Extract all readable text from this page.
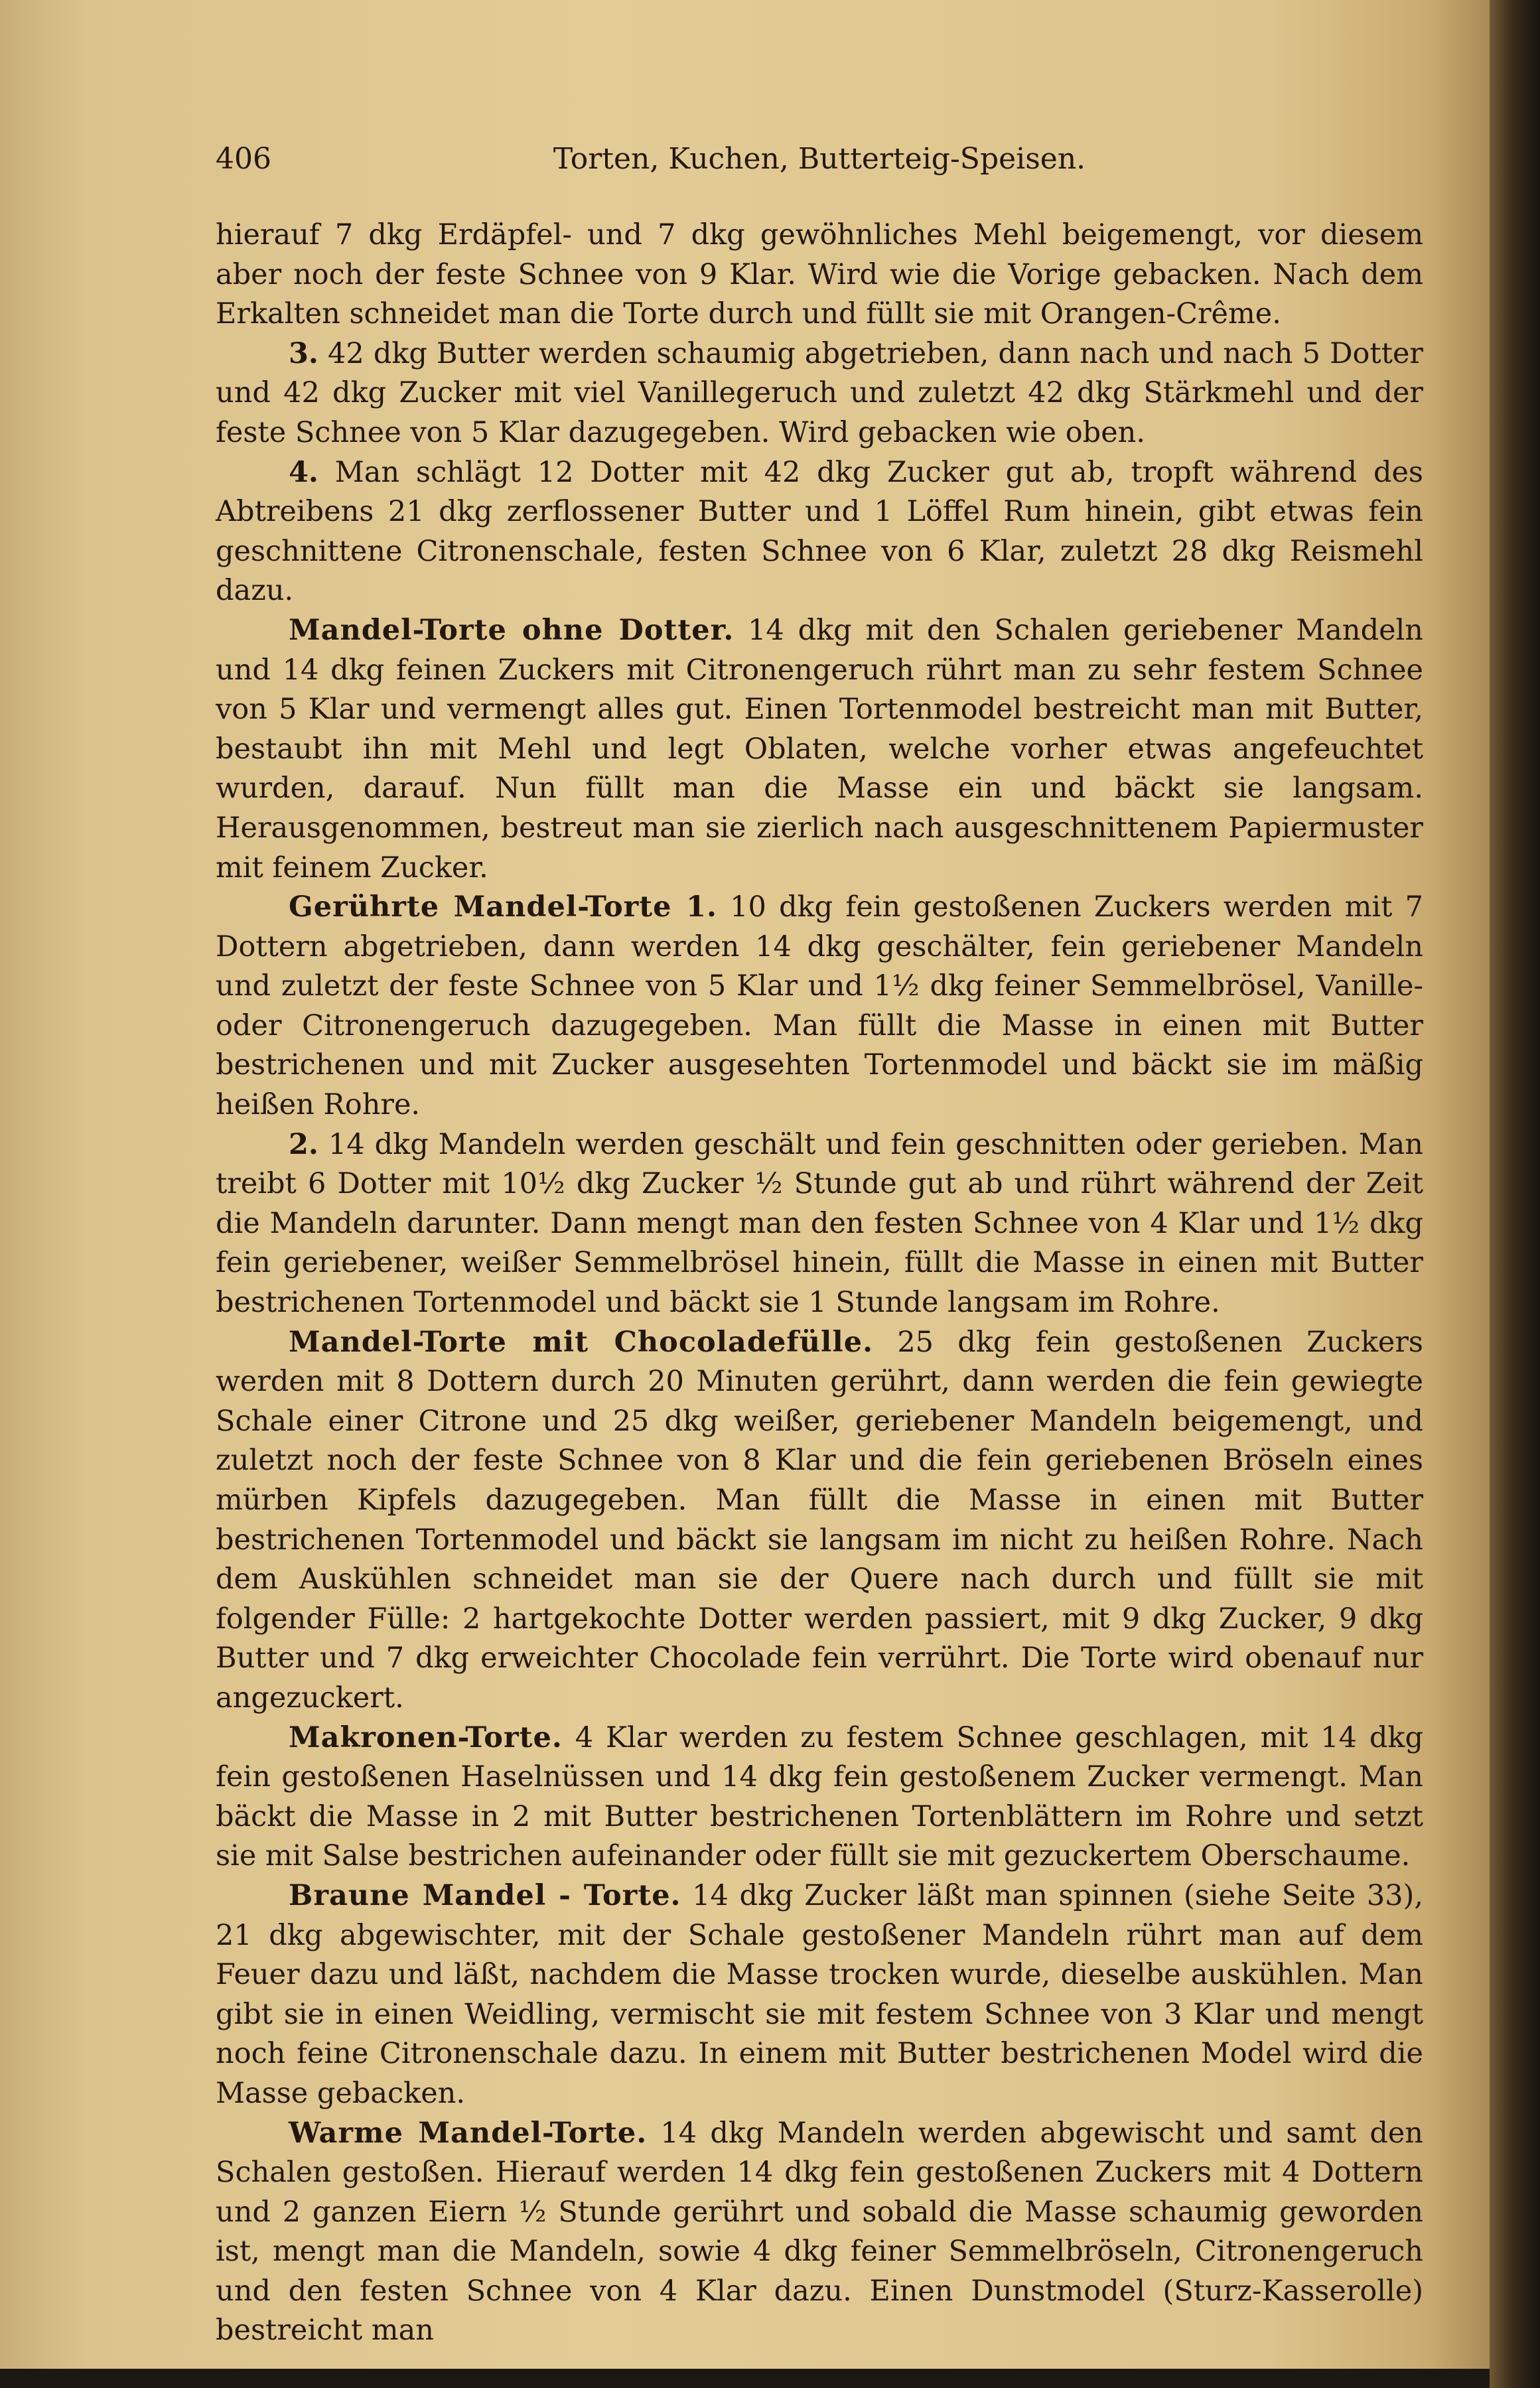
406	Torten, Kuchen, Butterteig-Speisen.

hierauf 7 dkg Erdäpfel- und 7 dkg gewöhnliches Mehl beigemengt, vor diesem aber noch der feste Schnee von 9 Klar. Wird wie die Vorige gebacken. Nach dem Erkalten schneidet man die Torte durch und füllt sie mit Orangen-Crême.

3. 42 dkg Butter werden schaumig abgetrieben, dann nach und nach 5 Dotter und 42 dkg Zucker mit viel Vanillegeruch und zuletzt 42 dkg Stärkmehl und der feste Schnee von 5 Klar dazugegeben. Wird gebacken wie oben.

4. Man schlägt 12 Dotter mit 42 dkg Zucker gut ab, tropft während des Abtreibens 21 dkg zerflossener Butter und 1 Löffel Rum hinein, gibt etwas fein geschnittene Citronenschale, festen Schnee von 6 Klar, zuletzt 28 dkg Reismehl dazu.

Mandel-Torte ohne Dotter. 14 dkg mit den Schalen geriebener Mandeln und 14 dkg feinen Zuckers mit Citronengeruch rührt man zu sehr festem Schnee von 5 Klar und vermengt alles gut. Einen Tortenmodel bestreicht man mit Butter, bestaubt ihn mit Mehl und legt Oblaten, welche vorher etwas angefeuchtet wurden, darauf. Nun füllt man die Masse ein und bäckt sie langsam. Herausgenommen, bestreut man sie zierlich nach ausgeschnittenem Papiermuster mit feinem Zucker.

Gerührte Mandel-Torte 1. 10 dkg fein gestoßenen Zuckers werden mit 7 Dottern abgetrieben, dann werden 14 dkg geschälter, fein geriebener Mandeln und zuletzt der feste Schnee von 5 Klar und 1½ dkg feiner Semmelbrösel, Vanille- oder Citronengeruch dazugegeben. Man füllt die Masse in einen mit Butter bestrichenen und mit Zucker ausgesehten Tortenmodel und bäckt sie im mäßig heißen Rohre.

2. 14 dkg Mandeln werden geschält und fein geschnitten oder gerieben. Man treibt 6 Dotter mit 10½ dkg Zucker ½ Stunde gut ab und rührt während der Zeit die Mandeln darunter. Dann mengt man den festen Schnee von 4 Klar und 1½ dkg fein geriebener, weißer Semmelbrösel hinein, füllt die Masse in einen mit Butter bestrichenen Tortenmodel und bäckt sie 1 Stunde langsam im Rohre.

Mandel-Torte mit Chocoladefülle. 25 dkg fein gestoßenen Zuckers werden mit 8 Dottern durch 20 Minuten gerührt, dann werden die fein gewiegte Schale einer Citrone und 25 dkg weißer, geriebener Mandeln beigemengt, und zuletzt noch der feste Schnee von 8 Klar und die fein geriebenen Bröseln eines mürben Kipfels dazugegeben. Man füllt die Masse in einen mit Butter bestrichenen Tortenmodel und bäckt sie langsam im nicht zu heißen Rohre. Nach dem Auskühlen schneidet man sie der Quere nach durch und füllt sie mit folgender Fülle: 2 hartgekochte Dotter werden passiert, mit 9 dkg Zucker, 9 dkg Butter und 7 dkg erweichter Chocolade fein verrührt. Die Torte wird obenauf nur angezuckert.

Makronen-Torte. 4 Klar werden zu festem Schnee geschlagen, mit 14 dkg fein gestoßenen Haselnüssen und 14 dkg fein gestoßenem Zucker vermengt. Man bäckt die Masse in 2 mit Butter bestrichenen Tortenblättern im Rohre und setzt sie mit Salse bestrichen aufeinander oder füllt sie mit gezuckertem Oberschaume.

Braune Mandel - Torte. 14 dkg Zucker läßt man spinnen (siehe Seite 33), 21 dkg abgewischter, mit der Schale gestoßener Mandeln rührt man auf dem Feuer dazu und läßt, nachdem die Masse trocken wurde, dieselbe auskühlen. Man gibt sie in einen Weidling, vermischt sie mit festem Schnee von 3 Klar und mengt noch feine Citronenschale dazu. In einem mit Butter bestrichenen Model wird die Masse gebacken.

Warme Mandel-Torte. 14 dkg Mandeln werden abgewischt und samt den Schalen gestoßen. Hierauf werden 14 dkg fein gestoßenen Zuckers mit 4 Dottern und 2 ganzen Eiern ½ Stunde gerührt und sobald die Masse schaumig geworden ist, mengt man die Mandeln, sowie 4 dkg feiner Semmelbröseln, Citronengeruch und den festen Schnee von 4 Klar dazu. Einen Dunstmodel (Sturz-Kasserolle) bestreicht man
